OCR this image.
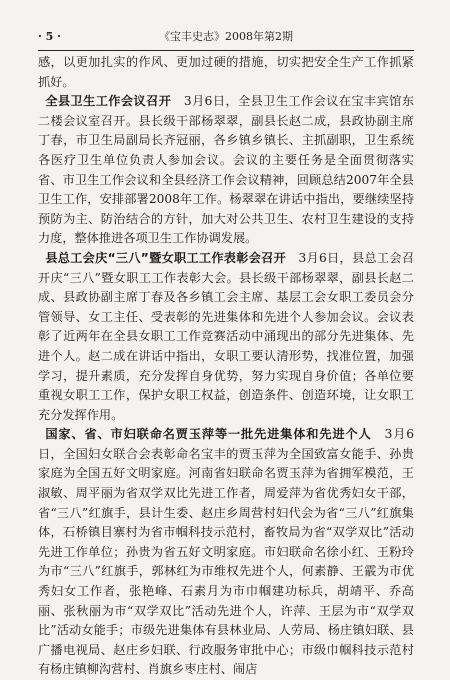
· 5 ·	《宝丰史志》2008年第2期

感，以更加扎实的作风、更加过硬的措施，切实把安全生产工作抓紧抓好。

全县卫生工作会议召开　3月6日，全县卫生工作会议在宝丰宾馆东二楼会议室召开。县长级干部杨翠翠，副县长赵二成，县政协副主席丁春，市卫生局副局长齐冠丽，各乡镇乡镇长、主抓副职，卫生系统各医疗卫生单位负责人参加会议。会议的主要任务是全面贯彻落实省、市卫生工作会议和全县经济工作会议精神，回顾总结2007年全县卫生工作，安排部署2008年工作。杨翠翠在讲话中指出，要继续坚持预防为主、防治结合的方针，加大对公共卫生、农村卫生建设的支持力度，整体推进各项卫生工作协调发展。

县总工会庆“三八”暨女职工工作表彰会召开　3月6日，县总工会召开庆“三八”暨女职工工作表彰大会。县长级干部杨翠翠，副县长赵二成、县政协副主席丁春及各乡镇工会主席、基层工会女职工委员会分管领导、女工主任、受表彰的先进集体和先进个人参加会议。会议表彰了近两年在全县女职工工作竞赛活动中涌现出的部分先进集体、先进个人。赵二成在讲话中指出，女职工要认清形势，找准位置，加强学习，提升素质，充分发挥自身优势，努力实现自身价值；各单位要重视女职工工作，保护女职工权益，创造条件、创造环境，让女职工充分发挥作用。

国家、省、市妇联命名贾玉萍等一批先进集体和先进个人　3月6日，全国妇女联合会表彰命名宝丰的贾玉萍为全国致富女能手、孙贵家庭为全国五好文明家庭。河南省妇联命名贾玉萍为省拥军模范，王淑敏、周平丽为省双学双比先进工作者，周爱萍为省优秀妇女干部，省“三八”红旗手，县计生委、赵庄乡周营村妇代会为省“三八”红旗集体，石桥镇目寨村为省市帼科技示范村，畜牧局为省“双学双比”活动先进工作单位；孙贵为省五好文明家庭。市妇联命名徐小红、王粉玲为市“三八”红旗手，郭林红为市维权先进个人，何素静、王霰为市优秀妇女工作者，张艳峰、石素月为市巾帼建功标兵，胡靖平、乔高丽、张秋丽为市“双学双比”活动先进个人，许萍、王层为市“双学双比”活动女能手；市级先进集体有县林业局、人劳局、杨庄镇妇联、县广播电视局、赵庄乡妇联、行政服务审批中心；市级巾帼科技示范村有杨庄镇柳沟营村、肖旗乡枣庄村、闹店
